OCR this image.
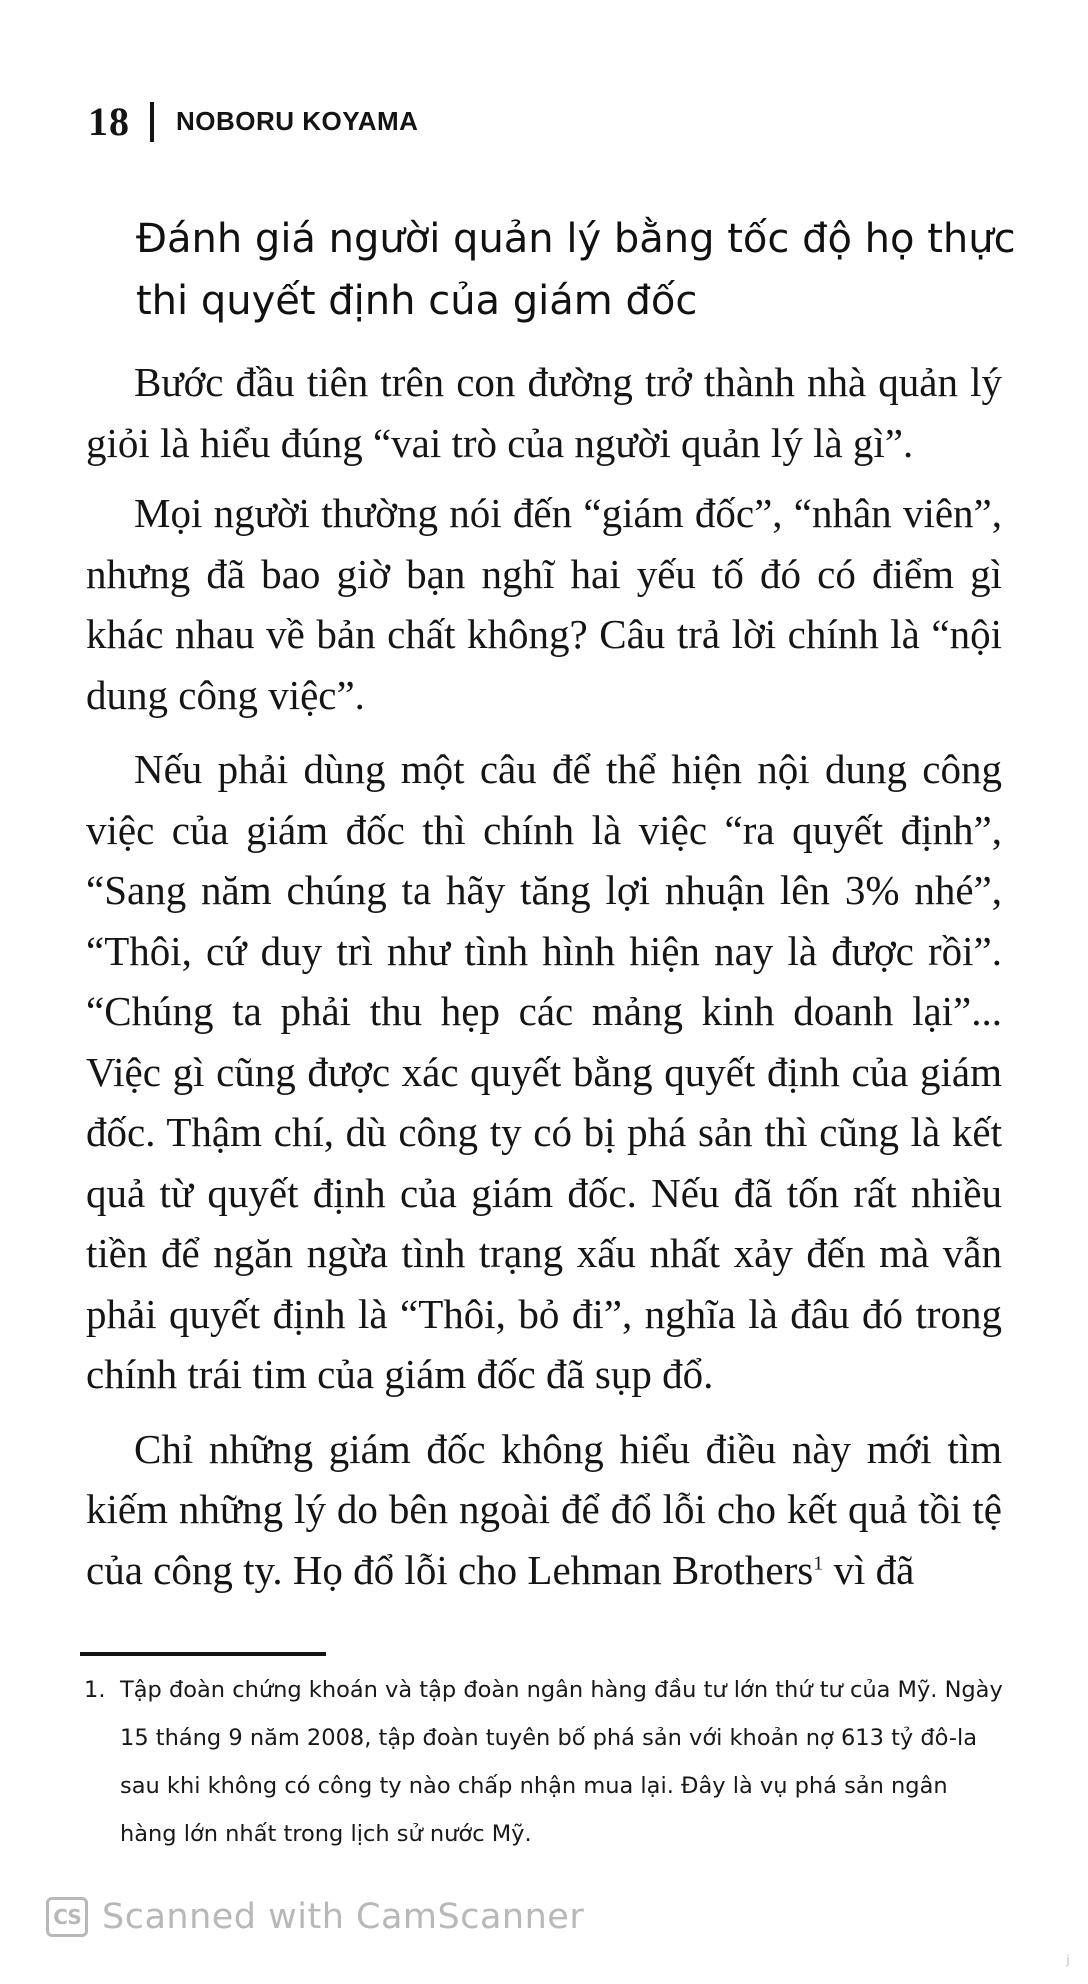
18 NOBORU KOYAMA
Đánh giá người quản lý bằng tốc độ họ thực thi quyết định của giám đốc

Bước đầu tiên trên con đường trở thành nhà quản lý giỏi là hiểu đúng “vai trò của người quản lý là gì”.

Mọi người thường nói đến “giám đốc”, “nhân viên”, nhưng đã bao giờ bạn nghĩ hai yếu tố đó có điểm gì khác nhau về bản chất không? Câu trả lời chính là “nội dung công việc”.

Nếu phải dùng một câu để thể hiện nội dung công việc của giám đốc thì chính là việc “ra quyết định”, “Sang năm chúng ta hãy tăng lợi nhuận lên 3% nhé”, “Thôi, cứ duy trì như tình hình hiện nay là được rồi”. “Chúng ta phải thu hẹp các mảng kinh doanh lại”... Việc gì cũng được xác quyết bằng quyết định của giám đốc. Thậm chí, dù công ty có bị phá sản thì cũng là kết quả từ quyết định của giám đốc. Nếu đã tốn rất nhiều tiền để ngăn ngừa tình trạng xấu nhất xảy đến mà vẫn phải quyết định là “Thôi, bỏ đi”, nghĩa là đâu đó trong chính trái tim của giám đốc đã sụp đổ.

Chỉ những giám đốc không hiểu điều này mới tìm kiếm những lý do bên ngoài để đổ lỗi cho kết quả tồi tệ của công ty. Họ đổ lỗi cho Lehman Brothers$^1$ vì đã

1. Tập đoàn chứng khoán và tập đoàn ngân hàng đầu tư lớn thứ tư của Mỹ. Ngày 15 tháng 9 năm 2008, tập đoàn tuyên bố phá sản với khoản nợ 613 tỷ đô-la sau khi không có công ty nào chấp nhận mua lại. Đây là vụ phá sản ngân hàng lớn nhất trong lịch sử nước Mỹ.
CS Scanned with CamScanner
ⱼ
